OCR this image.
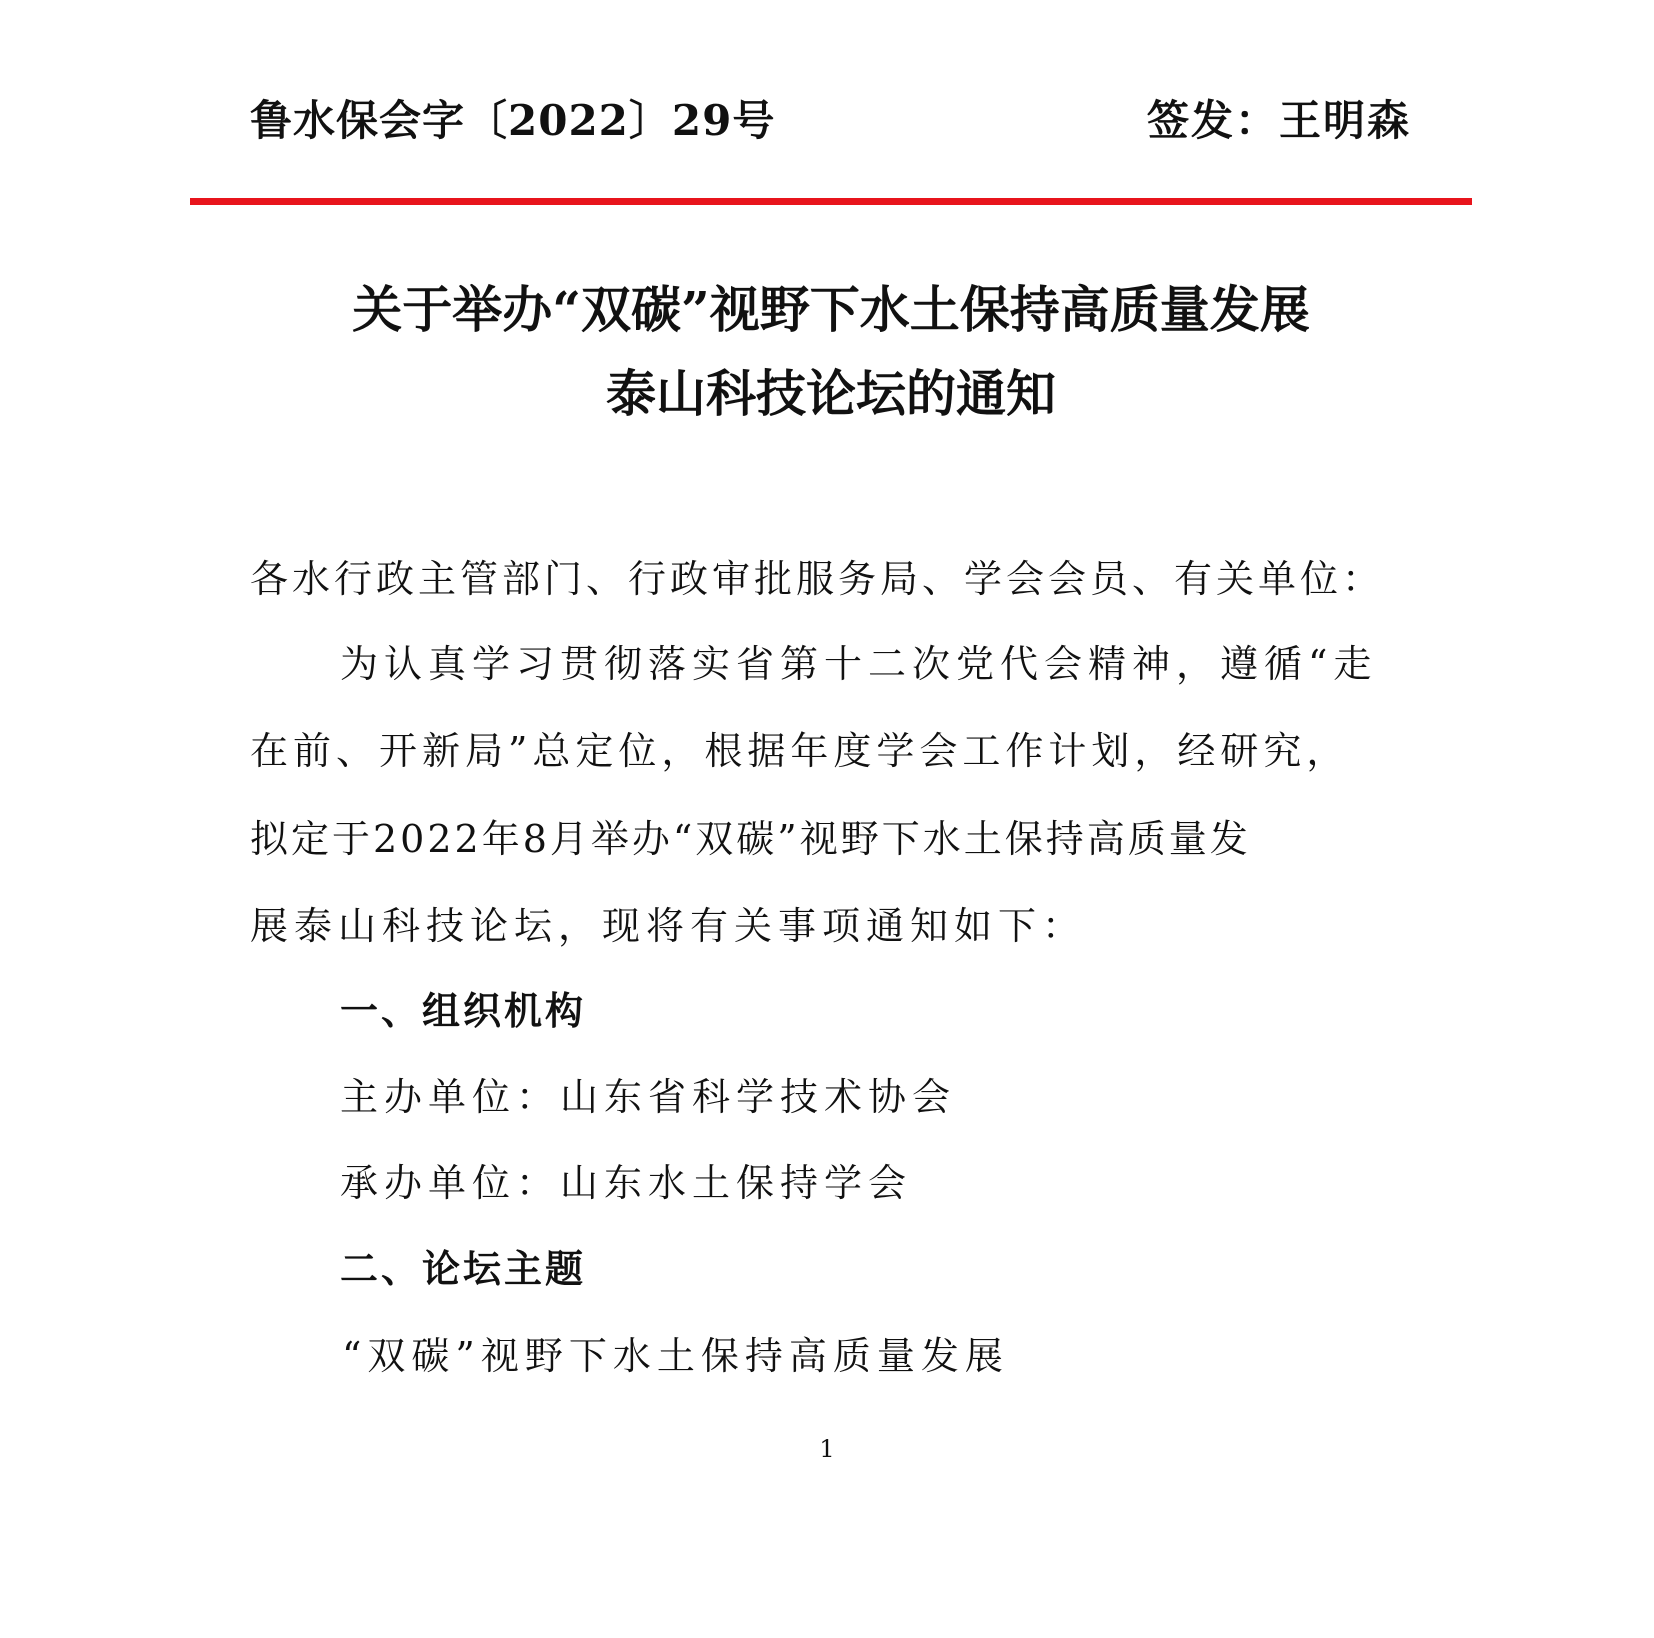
鲁水保会字〔2022〕29号	签发：王明森
关于举办“双碳”视野下水土保持高质量发展
泰山科技论坛的通知
各水行政主管部门、行政审批服务局、学会会员、有关单位：
为认真学习贯彻落实省第十二次党代会精神，遵循“走
在前、开新局”总定位，根据年度学会工作计划，经研究，
拟定于2022年8月举办“双碳”视野下水土保持高质量发
展泰山科技论坛，现将有关事项通知如下：
一、组织机构
主办单位：山东省科学技术协会
承办单位：山东水土保持学会
二、论坛主题
“双碳”视野下水土保持高质量发展
1
